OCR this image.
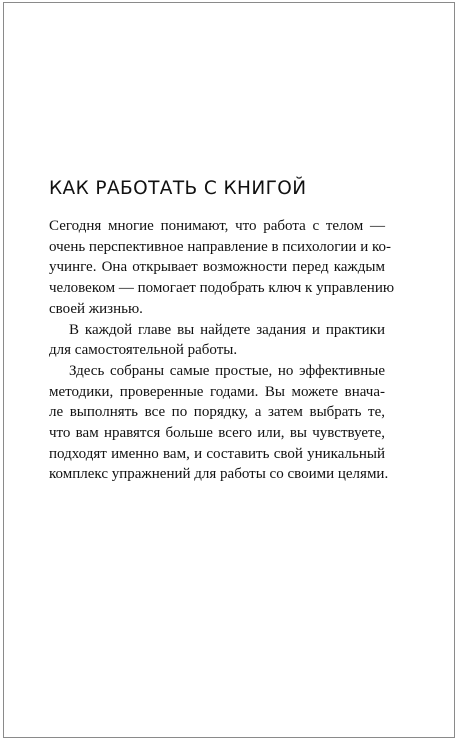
КАК РАБОТАТЬ С КНИГОЙ
Сегодня многие понимают, что работа с телом —
очень перспективное направление в психологии и ко-
учинге. Она открывает возможности перед каждым
человеком — помогает подобрать ключ к управлению
своей жизнью.
В каждой главе вы найдете задания и практики
для самостоятельной работы.
Здесь собраны самые простые, но эффективные
методики, проверенные годами. Вы можете внача-
ле выполнять все по порядку, а затем выбрать те,
что вам нравятся больше всего или, вы чувствуете,
подходят именно вам, и составить свой уникальный
комплекс упражнений для работы со своими целями.
